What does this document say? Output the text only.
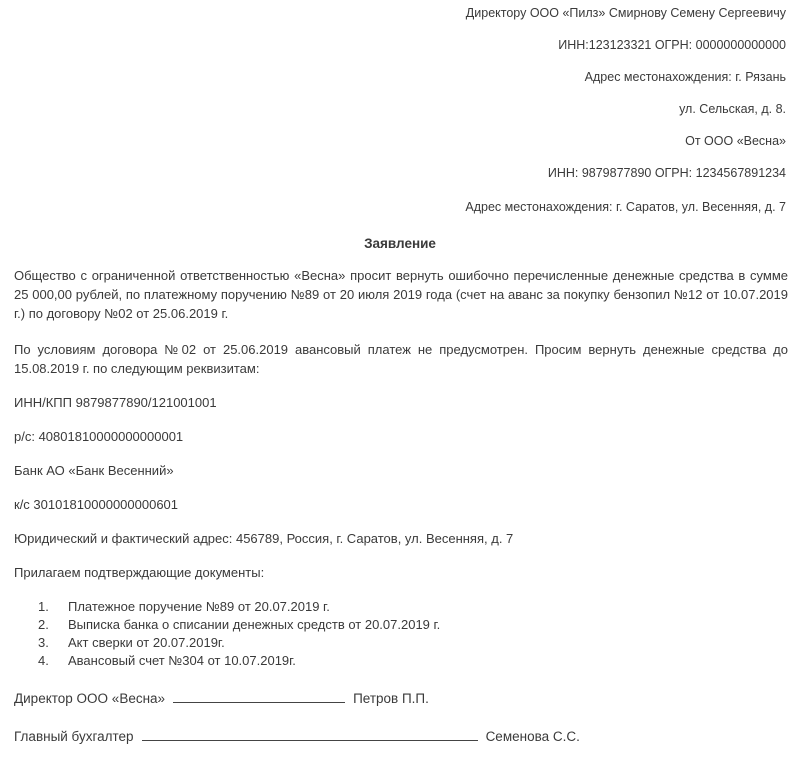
Директору ООО «Пилз» Смирнову Семену Сергеевичу
ИНН:123123321 ОГРН: 0000000000000
Адрес местонахождения: г. Рязань
ул. Сельская, д. 8.
От ООО «Весна»
ИНН: 9879877890 ОГРН: 1234567891234
Адрес местонахождения: г. Саратов, ул. Весенняя, д. 7
Заявление
Общество с ограниченной ответственностью «Весна» просит вернуть ошибочно перечисленные денежные средства в сумме 25 000,00 рублей, по платежному поручению №89 от 20 июля 2019 года (счет на аванс за покупку бензопил №12 от 10.07.2019 г.) по договору №02 от 25.06.2019 г.
По условиям договора №02 от 25.06.2019 авансовый платеж не предусмотрен. Просим вернуть денежные средства до 15.08.2019 г. по следующим реквизитам:
ИНН/КПП 9879877890/121001001
р/с: 40801810000000000001
Банк АО «Банк Весенний»
к/с 30101810000000000601
Юридический и фактический адрес: 456789, Россия, г. Саратов, ул. Весенняя, д. 7
Прилагаем подтверждающие документы:
1. Платежное поручение №89 от 20.07.2019 г.
2. Выписка банка о списании денежных средств от 20.07.2019 г.
3. Акт сверки от 20.07.2019г.
4. Авансовый счет №304 от 10.07.2019г.
Директор ООО «Весна»	Петров П.П.
Главный бухгалтер	Семенова С.С.
